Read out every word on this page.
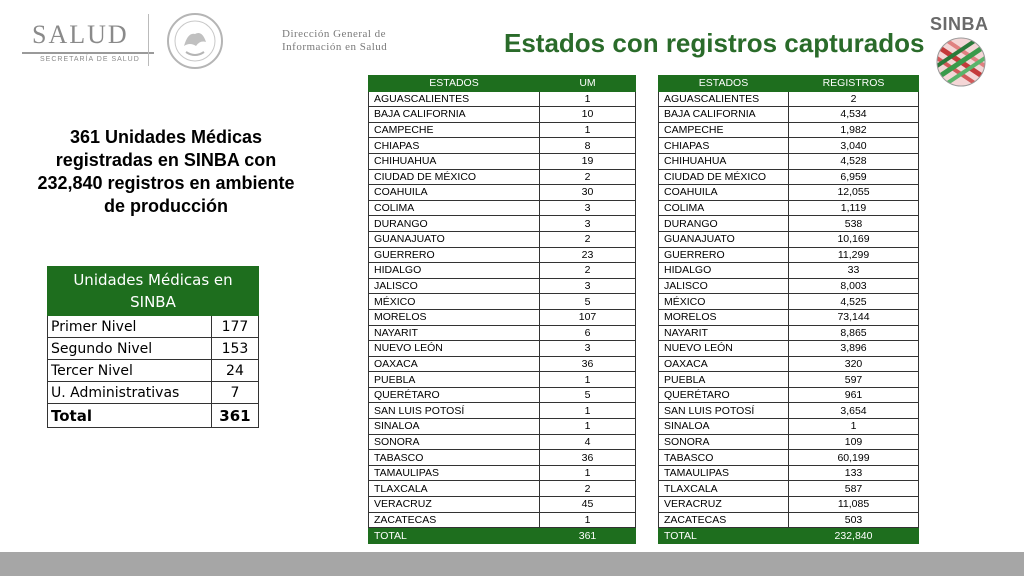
SALUD
SECRETARÍA DE SALUD
Dirección General de
Información en Salud	Estados con registros capturados
SINBA
361 Unidades Médicas registradas en SINBA con 232,840 registros en ambiente de producción
Unidades Médicas en SINBA	
Primer Nivel	177
Segundo Nivel	153
Tercer Nivel	24
U. Administrativas	7
Total	361
ESTADOS	UM
AGUASCALIENTES	1
BAJA CALIFORNIA	10
CAMPECHE	1
CHIAPAS	8
CHIHUAHUA	19
CIUDAD DE MÉXICO	2
COAHUILA	30
COLIMA	3
DURANGO	3
GUANAJUATO	2
GUERRERO	23
HIDALGO	2
JALISCO	3
MÉXICO	5
MORELOS	107
NAYARIT	6
NUEVO LEÓN	3
OAXACA	36
PUEBLA	1
QUERÉTARO	5
SAN LUIS POTOSÍ	1
SINALOA	1
SONORA	4
TABASCO	36
TAMAULIPAS	1
TLAXCALA	2
VERACRUZ	45
ZACATECAS	1
TOTAL	361
ESTADOS	REGISTROS
AGUASCALIENTES	2
BAJA CALIFORNIA	4,534
CAMPECHE	1,982
CHIAPAS	3,040
CHIHUAHUA	4,528
CIUDAD DE MÉXICO	6,959
COAHUILA	12,055
COLIMA	1,119
DURANGO	538
GUANAJUATO	10,169
GUERRERO	11,299
HIDALGO	33
JALISCO	8,003
MÉXICO	4,525
MORELOS	73,144
NAYARIT	8,865
NUEVO LEÓN	3,896
OAXACA	320
PUEBLA	597
QUERÉTARO	961
SAN LUIS POTOSÍ	3,654
SINALOA	1
SONORA	109
TABASCO	60,199
TAMAULIPAS	133
TLAXCALA	587
VERACRUZ	11,085
ZACATECAS	503
TOTAL	232,840
